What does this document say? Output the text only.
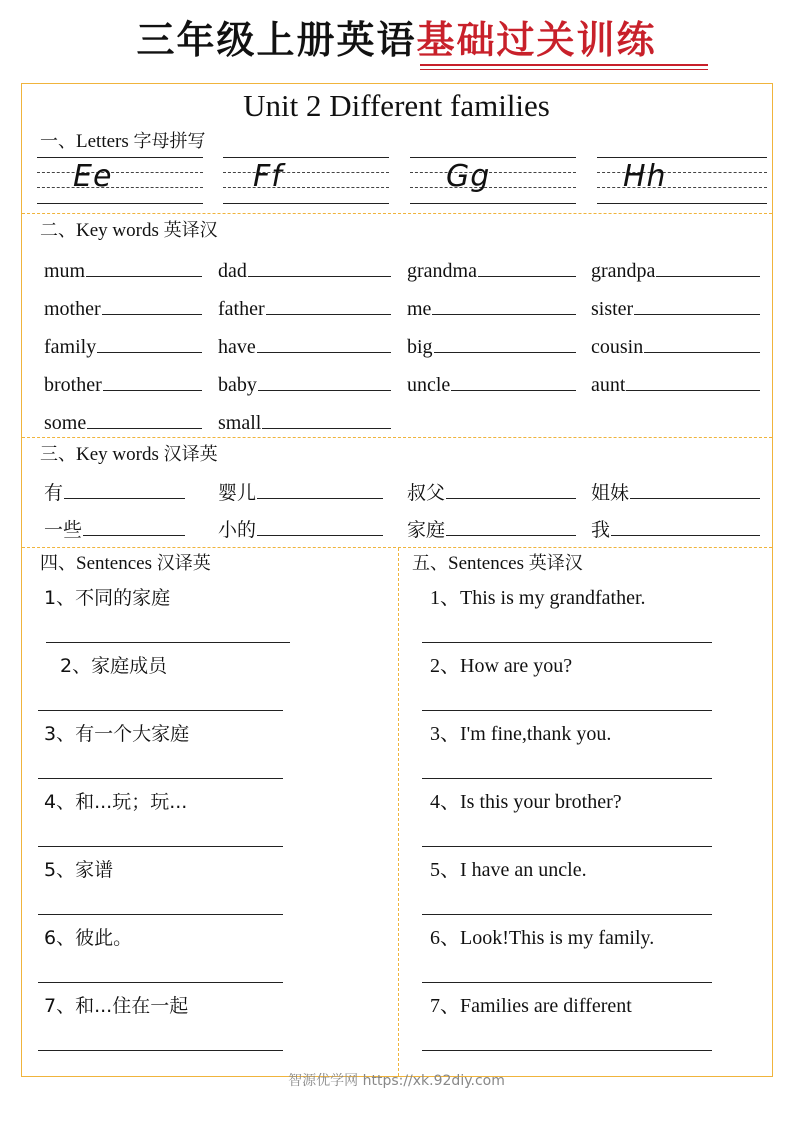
三年级上册英语基础过关训练
Unit 2 Different families
一、Letters 字母拼写
Ee	Ff	Gg	Hh
二、Key words 英译汉
mum	dad	grandma	grandpa
mother	father	me	sister
family	have	big	cousin
brother	baby	uncle	aunt
some	small
三、Key words 汉译英
有	婴儿	叔父	姐妹
一些	小的	家庭	我
四、Sentences 汉译英
1、不同的家庭
2、家庭成员
3、有一个大家庭
4、和...玩；玩...
5、家谱
6、彼此。
7、和...住在一起
五、Sentences 英译汉
1、This is my grandfather.
2、How are you?
3、I'm fine,thank you.
4、Is this your brother?
5、I have an uncle.
6、Look!This is my family.
7、Families are different
智源优学网 https://xk.92diy.com
